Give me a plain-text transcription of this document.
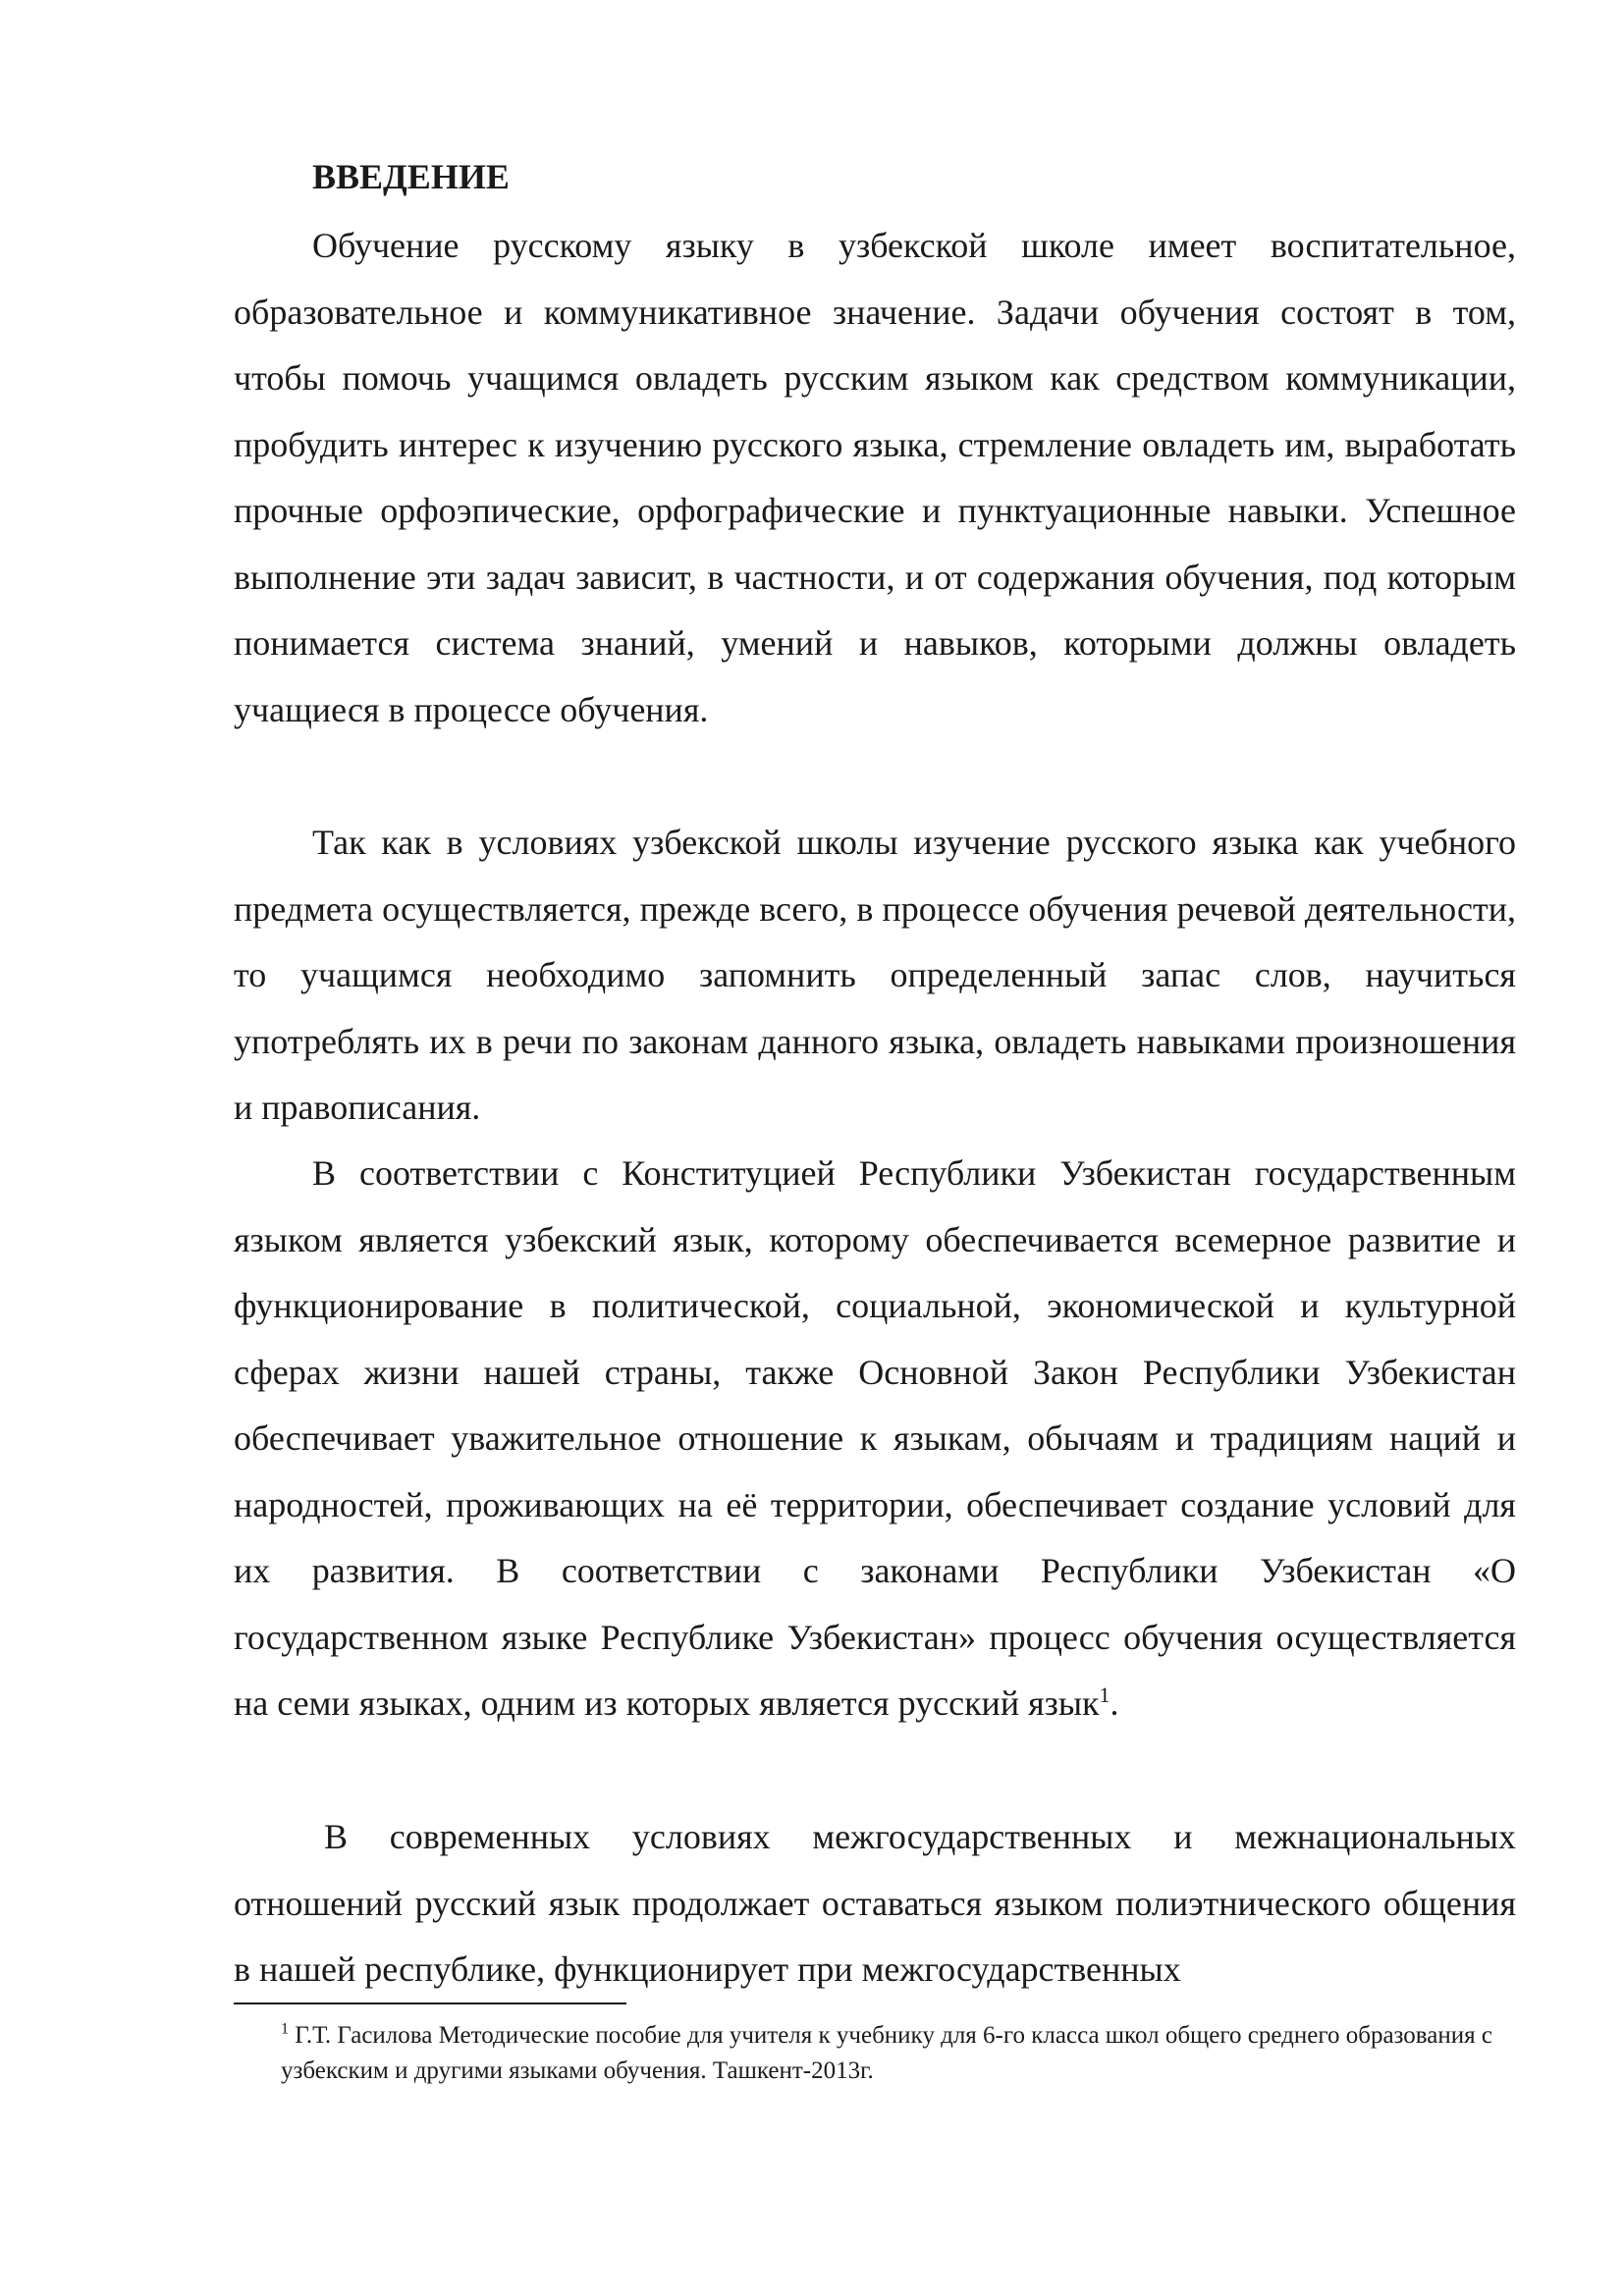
ВВЕДЕНИЕ

Обучение русскому языку в узбекской школе имеет воспитательное, образовательное и коммуникативное значение. Задачи обучения состоят в том, чтобы помочь учащимся овладеть русским языком как средством коммуникации, пробудить интерес к изучению русского языка, стремление овладеть им, выработать прочные орфоэпические, орфографические и пунктуационные навыки. Успешное выполнение эти задач зависит, в частности, и от содержания обучения, под которым понимается система знаний, умений и навыков, которыми должны овладеть учащиеся в процессе обучения.

Так как в условиях узбекской школы изучение русского языка как учебного предмета осуществляется, прежде всего, в процессе обучения речевой деятельности, то учащимся необходимо запомнить определенный запас слов, научиться употреблять их в речи по законам данного языка, овладеть навыками произношения и правописания.

В соответствии с Конституцией Республики Узбекистан государственным языком является узбекский язык, которому обеспечивается всемерное развитие и функционирование в политической, социальной, экономической и культурной сферах жизни нашей страны, также Основной Закон Республики Узбекистан обеспечивает уважительное отношение к языкам, обычаям и традициям наций и народностей, проживающих на её территории, обеспечивает создание условий для их развития. В соответствии с законами Республики Узбекистан «О государственном языке Республике Узбекистан» процесс обучения осуществляется на семи языках, одним из которых является русский язык$^1$.

В современных условиях межгосударственных и межнациональных отношений русский язык продолжает оставаться языком полиэтнического общения в нашей республике, функционирует при межгосударственных

$^1$ Г.Т. Гасилова Методические пособие для учителя к учебнику для 6-го класса школ общего среднего образования с узбекским и другими языками обучения. Ташкент-2013г.
